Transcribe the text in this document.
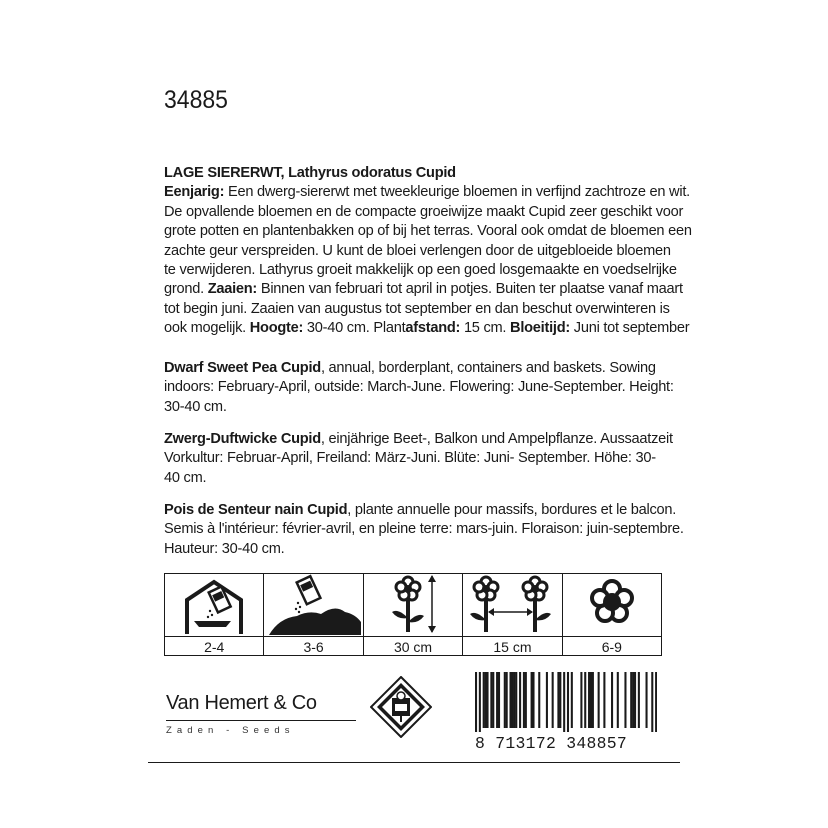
34885
LAGE SIERERWT, Lathyrus odoratus Cupid
Eenjarig: Een dwerg-siererwt met tweekleurige bloemen in verfijnd zachtroze en wit.
De opvallende bloemen en de compacte groeiwijze maakt Cupid zeer geschikt voor
grote potten en plantenbakken op of bij het terras. Vooral ook omdat de bloemen een
zachte geur verspreiden. U kunt de bloei verlengen door de uitgebloeide bloemen
te verwijderen. Lathyrus groeit makkelijk op een goed losgemaakte en voedselrijke
grond. Zaaien: Binnen van februari tot april in potjes. Buiten ter plaatse vanaf maart
tot begin juni. Zaaien van augustus tot september en dan beschut overwinteren is
ook mogelijk. Hoogte: 30-40 cm. Plantafstand: 15 cm. Bloeitijd: Juni tot september
Dwarf Sweet Pea Cupid, annual, borderplant, containers and baskets. Sowing
indoors: February-April, outside: March-June. Flowering: June-September. Height:
30-40 cm.
Zwerg-Duftwicke Cupid, einjährige Beet-, Balkon und Ampelpflanze. Aussaatzeit
Vorkultur: Februar-April, Freiland: März-Juni. Blüte: Juni- September. Höhe: 30-
40 cm.
Pois de Senteur nain Cupid, plante annuelle pour massifs, bordures et le balcon.
Semis à l'intérieur: février-avril, en pleine terre: mars-juin. Floraison: juin-septembre.
Hauteur: 30-40 cm.
2-4	3-6	30 cm	15 cm	6-9
Van Hemert & Co
Zaden - Seeds
8 713172 348857
